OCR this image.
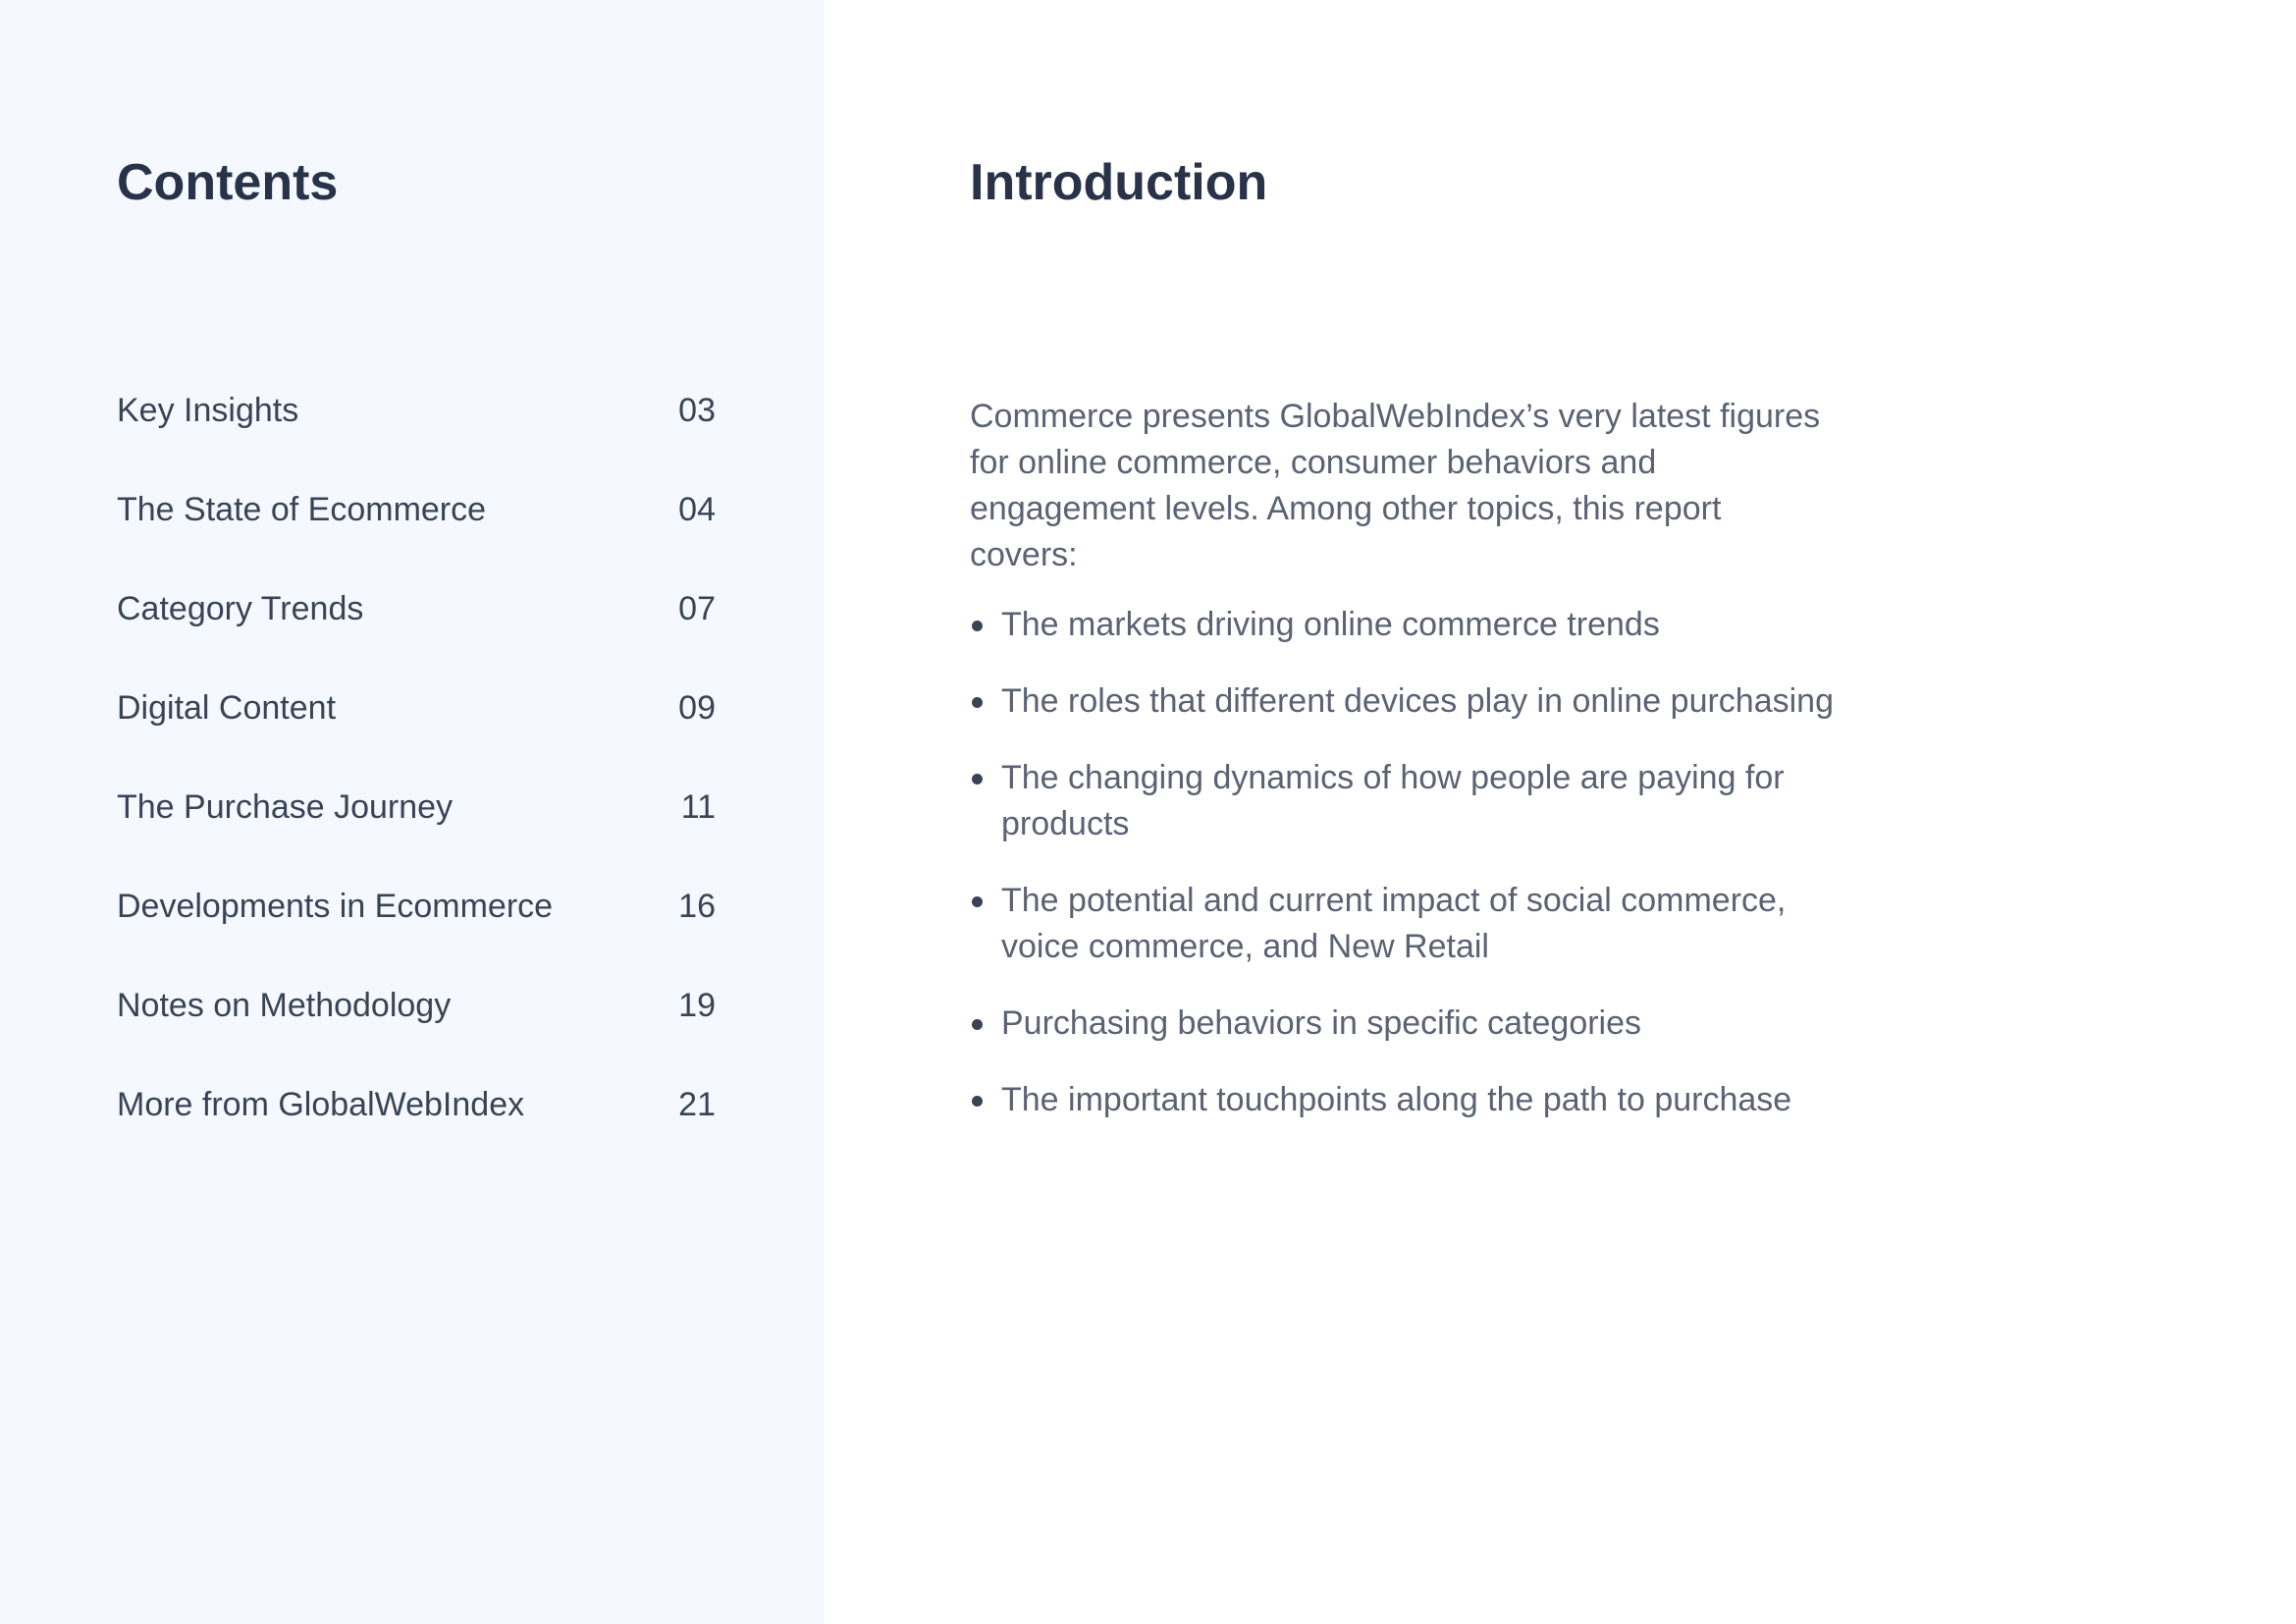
Contents
Key Insights	03
The State of Ecommerce	04
Category Trends	07
Digital Content	09
The Purchase Journey	11
Developments in Ecommerce	16
Notes on Methodology	19
More from GlobalWebIndex	21
Introduction

Commerce presents GlobalWebIndex’s very latest figures for online commerce, consumer behaviors and engagement levels. Among other topics, this report covers:

The markets driving online commerce trends
The roles that different devices play in online purchasing
The changing dynamics of how people are paying for products
The potential and current impact of social commerce, voice commerce, and New Retail
Purchasing behaviors in specific categories
The important touchpoints along the path to purchase
